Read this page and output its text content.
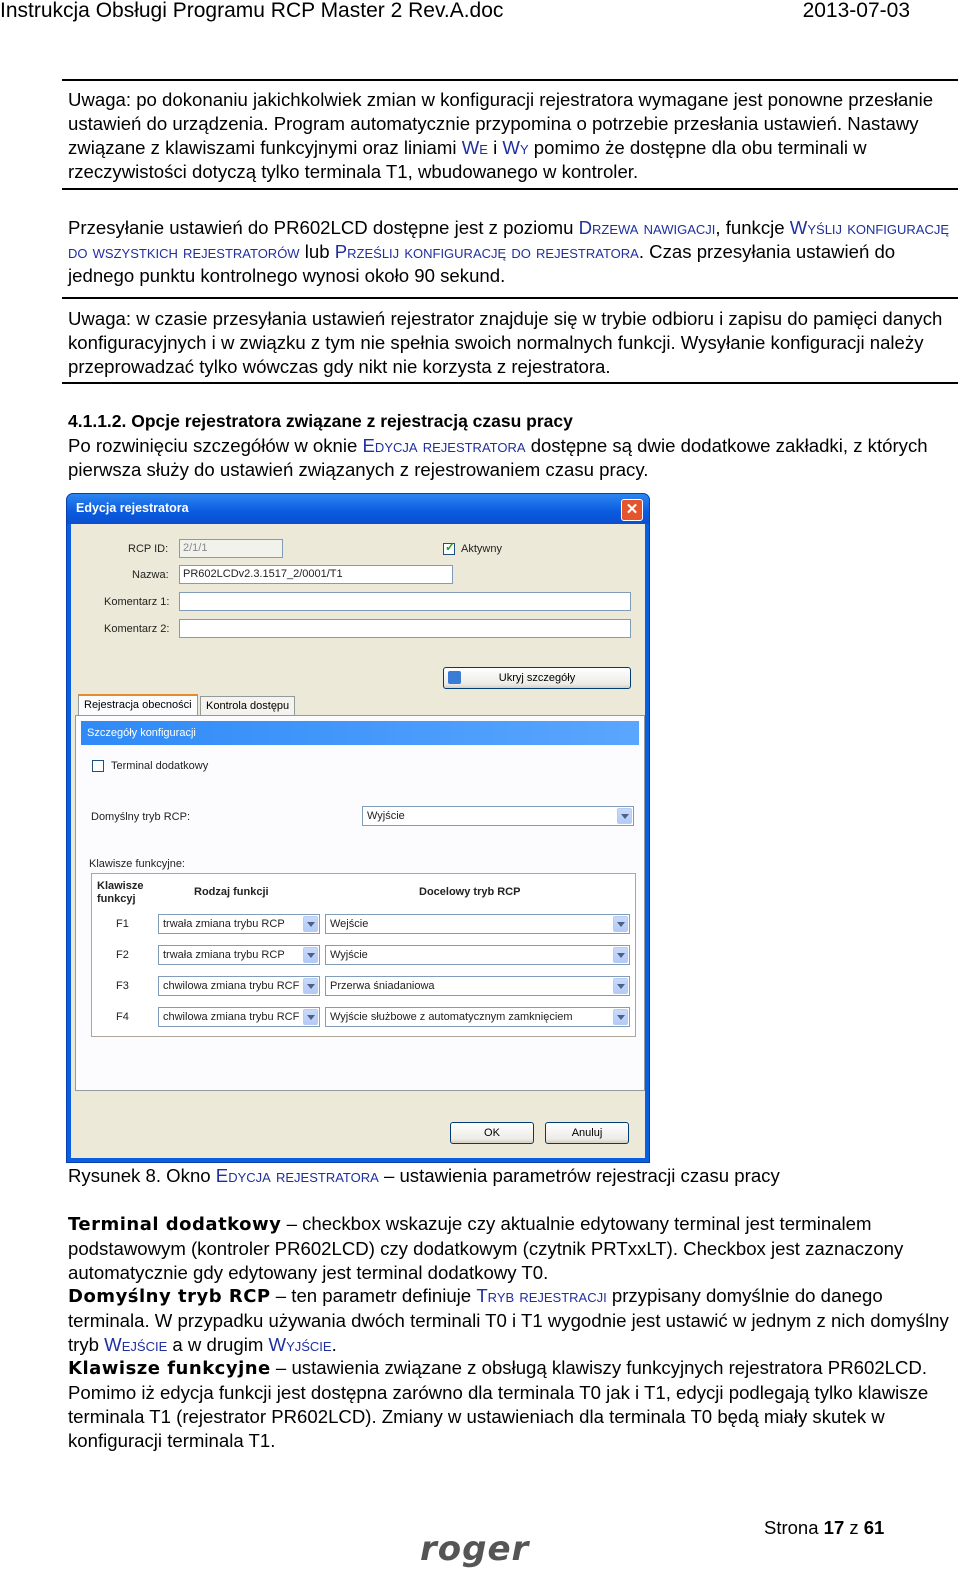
Instrukcja Obsługi Programu RCP Master 2 Rev.A.doc	2013-07-03
Uwaga: po dokonaniu jakichkolwiek zmian w konfiguracji rejestratora wymagane jest ponowne przesłanie ustawień do urządzenia. Program automatycznie przypomina o potrzebie przesłania ustawień. Nastawy związane z klawiszami funkcyjnymi oraz liniami We i Wy pomimo że dostępne dla obu terminali w rzeczywistości dotyczą tylko terminala T1, wbudowanego w kontroler.
Przesyłanie ustawień do PR602LCD dostępne jest z poziomu Drzewa nawigacji, funkcje Wyślij konfigurację do wszystkich rejestratorów lub Prześlij konfigurację do rejestratora. Czas przesyłania ustawień do jednego punktu kontrolnego wynosi około 90 sekund.
Uwaga: w czasie przesyłania ustawień rejestrator znajduje się w trybie odbioru i zapisu do pamięci danych konfiguracyjnych i w związku z tym nie spełnia swoich normalnych funkcji. Wysyłanie konfiguracji należy przeprowadzać tylko wówczas gdy nikt nie korzysta z rejestratora.
4.1.1.2. Opcje rejestratora związane z rejestracją czasu pracy
Po rozwinięciu szczegółów w oknie Edycja rejestratora dostępne są dwie dodatkowe zakładki, z których pierwsza służy do ustawień związanych z rejestrowaniem czasu pracy.
Edycja rejestratora	✕
RCP ID:	2/1/1
✓	Aktywny
Nazwa:	PR602LCDv2.3.1517_2/0001/T1
Komentarz 1:
Komentarz 2:
Ukryj szczegóły
Rejestracja obecności	Kontrola dostępu
Szczegóły konfiguracji
Terminal dodatkowy
Domyślny tryb RCP:	Wyjście
Klawisze funkcyjne:
Klawisze funkcyj
Rodzaj funkcji	Docelowy tryb RCP
F1	trwała zmiana trybu RCP	Wejście
F2	trwała zmiana trybu RCP	Wyjście
F3	chwilowa zmiana trybu RCF	Przerwa śniadaniowa
F4	chwilowa zmiana trybu RCF	Wyjście służbowe z automatycznym zamknięciem
OK	Anuluj
Rysunek 8. Okno Edycja rejestratora – ustawienia parametrów rejestracji czasu pracy
Terminal dodatkowy – checkbox wskazuje czy aktualnie edytowany terminal jest terminalem podstawowym (kontroler PR602LCD) czy dodatkowym (czytnik PRTxxLT). Checkbox jest zaznaczony automatycznie gdy edytowany jest terminal dodatkowy T0.
Domyślny tryb RCP – ten parametr definiuje Tryb rejestracji przypisany domyślnie do danego terminala. W przypadku używania dwóch terminali T0 i T1 wygodnie jest ustawić w jednym z nich domyślny tryb Wejście a w drugim Wyjście.
Klawisze funkcyjne – ustawienia związane z obsługą klawiszy funkcyjnych rejestratora PR602LCD. Pomimo iż edycja funkcji jest dostępna zarówno dla terminala T0 jak i T1, edycji podlegają tylko klawisze terminala T1 (rejestrator PR602LCD). Zmiany w ustawieniach dla terminala T0 będą miały skutek w konfiguracji terminala T1.
Strona 17 z 61
roger
